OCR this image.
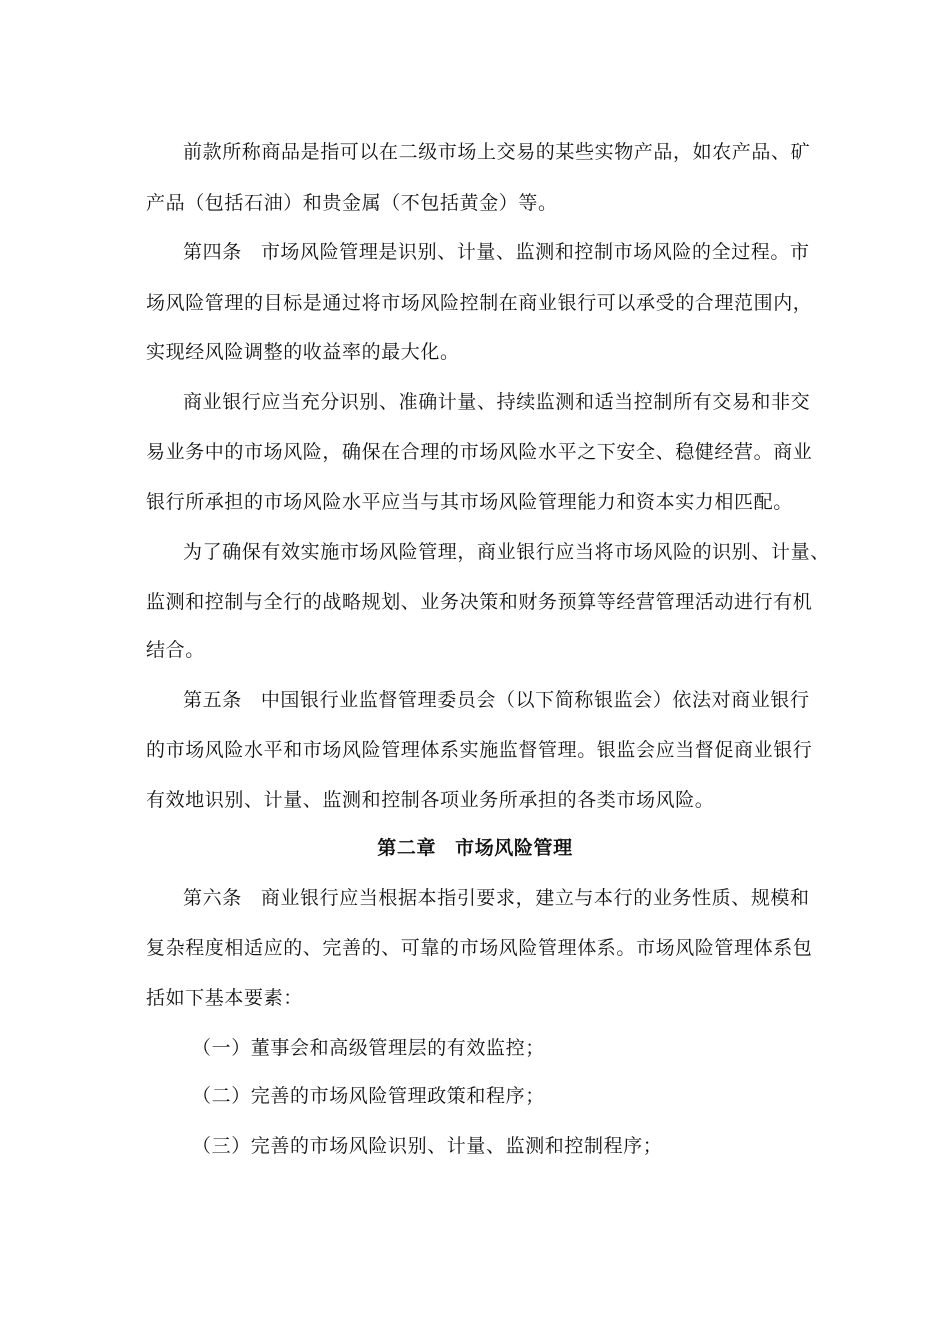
前款所称商品是指可以在二级市场上交易的某些实物产品，如农产品、矿
产品（包括石油）和贵金属（不包括黄金）等。
第四条 市场风险管理是识别、计量、监测和控制市场风险的全过程。市
场风险管理的目标是通过将市场风险控制在商业银行可以承受的合理范围内，
实现经风险调整的收益率的最大化。
商业银行应当充分识别、准确计量、持续监测和适当控制所有交易和非交
易业务中的市场风险，确保在合理的市场风险水平之下安全、稳健经营。商业
银行所承担的市场风险水平应当与其市场风险管理能力和资本实力相匹配。
为了确保有效实施市场风险管理，商业银行应当将市场风险的识别、计量、
监测和控制与全行的战略规划、业务决策和财务预算等经营管理活动进行有机
结合。
第五条 中国银行业监督管理委员会（以下简称银监会）依法对商业银行
的市场风险水平和市场风险管理体系实施监督管理。银监会应当督促商业银行
有效地识别、计量、监测和控制各项业务所承担的各类市场风险。
第二章 市场风险管理
第六条 商业银行应当根据本指引要求，建立与本行的业务性质、规模和
复杂程度相适应的、完善的、可靠的市场风险管理体系。市场风险管理体系包
括如下基本要素：
（一）董事会和高级管理层的有效监控；
（二）完善的市场风险管理政策和程序；
（三）完善的市场风险识别、计量、监测和控制程序；
